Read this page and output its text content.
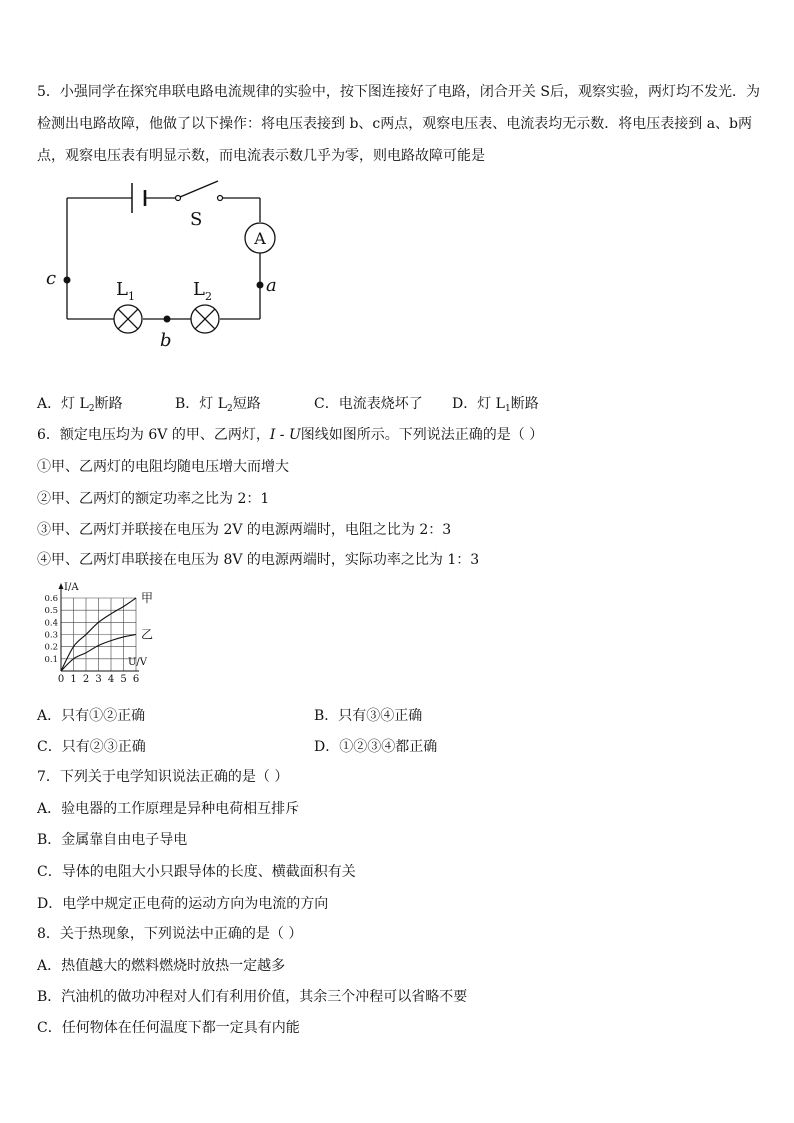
5．小强同学在探究串联电路电流规律的实验中，按下图连接好了电路，闭合开关 S后，观察实验，两灯均不发光．为
检测出电路故障，他做了以下操作：将电压表接到 b、c两点，观察电压表、电流表均无示数．将电压表接到 a、b两
点，观察电压表有明显示数，而电流表示数几乎为零，则电路故障可能是
S
A
$L_1$	$L_2$
c	a
b
A．灯 $L_2$断路	B．灯 $L_2$短路	C．电流表烧坏了 D．灯 $L_1$断路
6．额定电压均为 6V 的甲、乙两灯，I - U图线如图所示。下列说法正确的是（ ）
①甲、乙两灯的电阻均随电压增大而增大
②甲、乙两灯的额定功率之比为 2：1
③甲、乙两灯并联接在电压为 2V 的电源两端时，电阻之比为 2：3
④甲、乙两灯串联接在电压为 8V 的电源两端时，实际功率之比为 1：3
甲
乙
0.1
0.2
0.3
0.4
0.5
0.6
0 1 2 3 4 5 6
I/A
U/V
A．只有①②正确	B．只有③④正确
C．只有②③正确	D．①②③④都正确
7．下列关于电学知识说法正确的是（ ）
A．验电器的工作原理是异种电荷相互排斥
B．金属靠自由电子导电
C．导体的电阻大小只跟导体的长度、横截面积有关
D．电学中规定正电荷的运动方向为电流的方向
8．关于热现象，下列说法中正确的是（ ）
A．热值越大的燃料燃烧时放热一定越多
B．汽油机的做功冲程对人们有利用价值，其余三个冲程可以省略不要
C．任何物体在任何温度下都一定具有内能
